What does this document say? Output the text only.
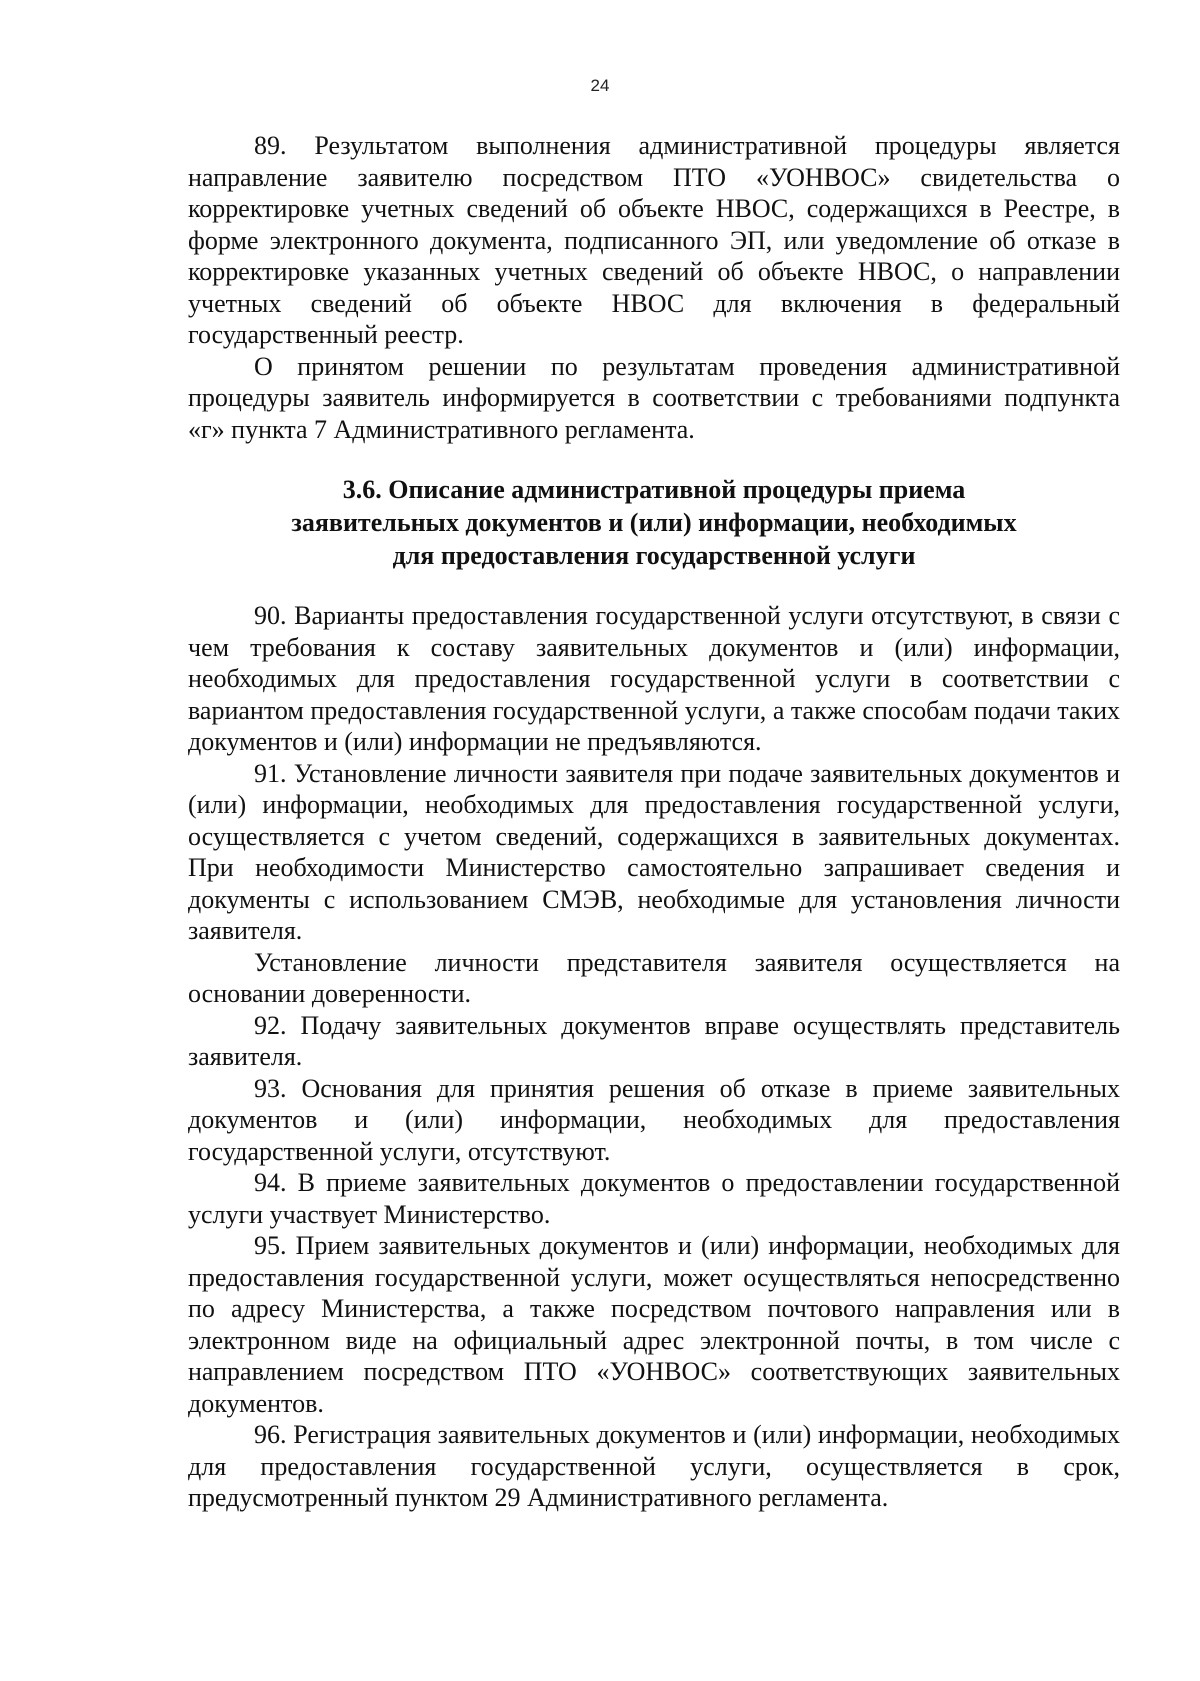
24

89. Результатом выполнения административной процедуры является направление заявителю посредством ПТО «УОНВОС» свидетельства о корректировке учетных сведений об объекте НВОС, содержащихся в Реестре, в форме электронного документа, подписанного ЭП, или уведомление об отказе в корректировке указанных учетных сведений об объекте НВОС, о направлении учетных сведений об объекте НВОС для включения в федеральный государственный реестр.

О принятом решении по результатам проведения административной процедуры заявитель информируется в соответствии с требованиями подпункта «г» пункта 7 Административного регламента.

3.6. Описание административной процедуры приема
заявительных документов и (или) информации, необходимых
для предоставления государственной услуги

90. Варианты предоставления государственной услуги отсутствуют, в связи с чем требования к составу заявительных документов и (или) информации, необходимых для предоставления государственной услуги в соответствии с вариантом предоставления государственной услуги, а также способам подачи таких документов и (или) информации не предъявляются.

91. Установление личности заявителя при подаче заявительных документов и (или) информации, необходимых для предоставления государственной услуги, осуществляется с учетом сведений, содержащихся в заявительных документах. При необходимости Министерство самостоятельно запрашивает сведения и документы с использованием СМЭВ, необходимые для установления личности заявителя.

Установление личности представителя заявителя осуществляется на основании доверенности.

92. Подачу заявительных документов вправе осуществлять представитель заявителя.

93. Основания для принятия решения об отказе в приеме заявительных документов и (или) информации, необходимых для предоставления государственной услуги, отсутствуют.

94. В приеме заявительных документов о предоставлении государственной услуги участвует Министерство.

95. Прием заявительных документов и (или) информации, необходимых для предоставления государственной услуги, может осуществляться непосредственно по адресу Министерства, а также посредством почтового направления или в электронном виде на официальный адрес электронной почты, в том числе с направлением посредством ПТО «УОНВОС» соответствующих заявительных документов.

96. Регистрация заявительных документов и (или) информации, необходимых для предоставления государственной услуги, осуществляется в срок, предусмотренный пунктом 29 Административного регламента.
